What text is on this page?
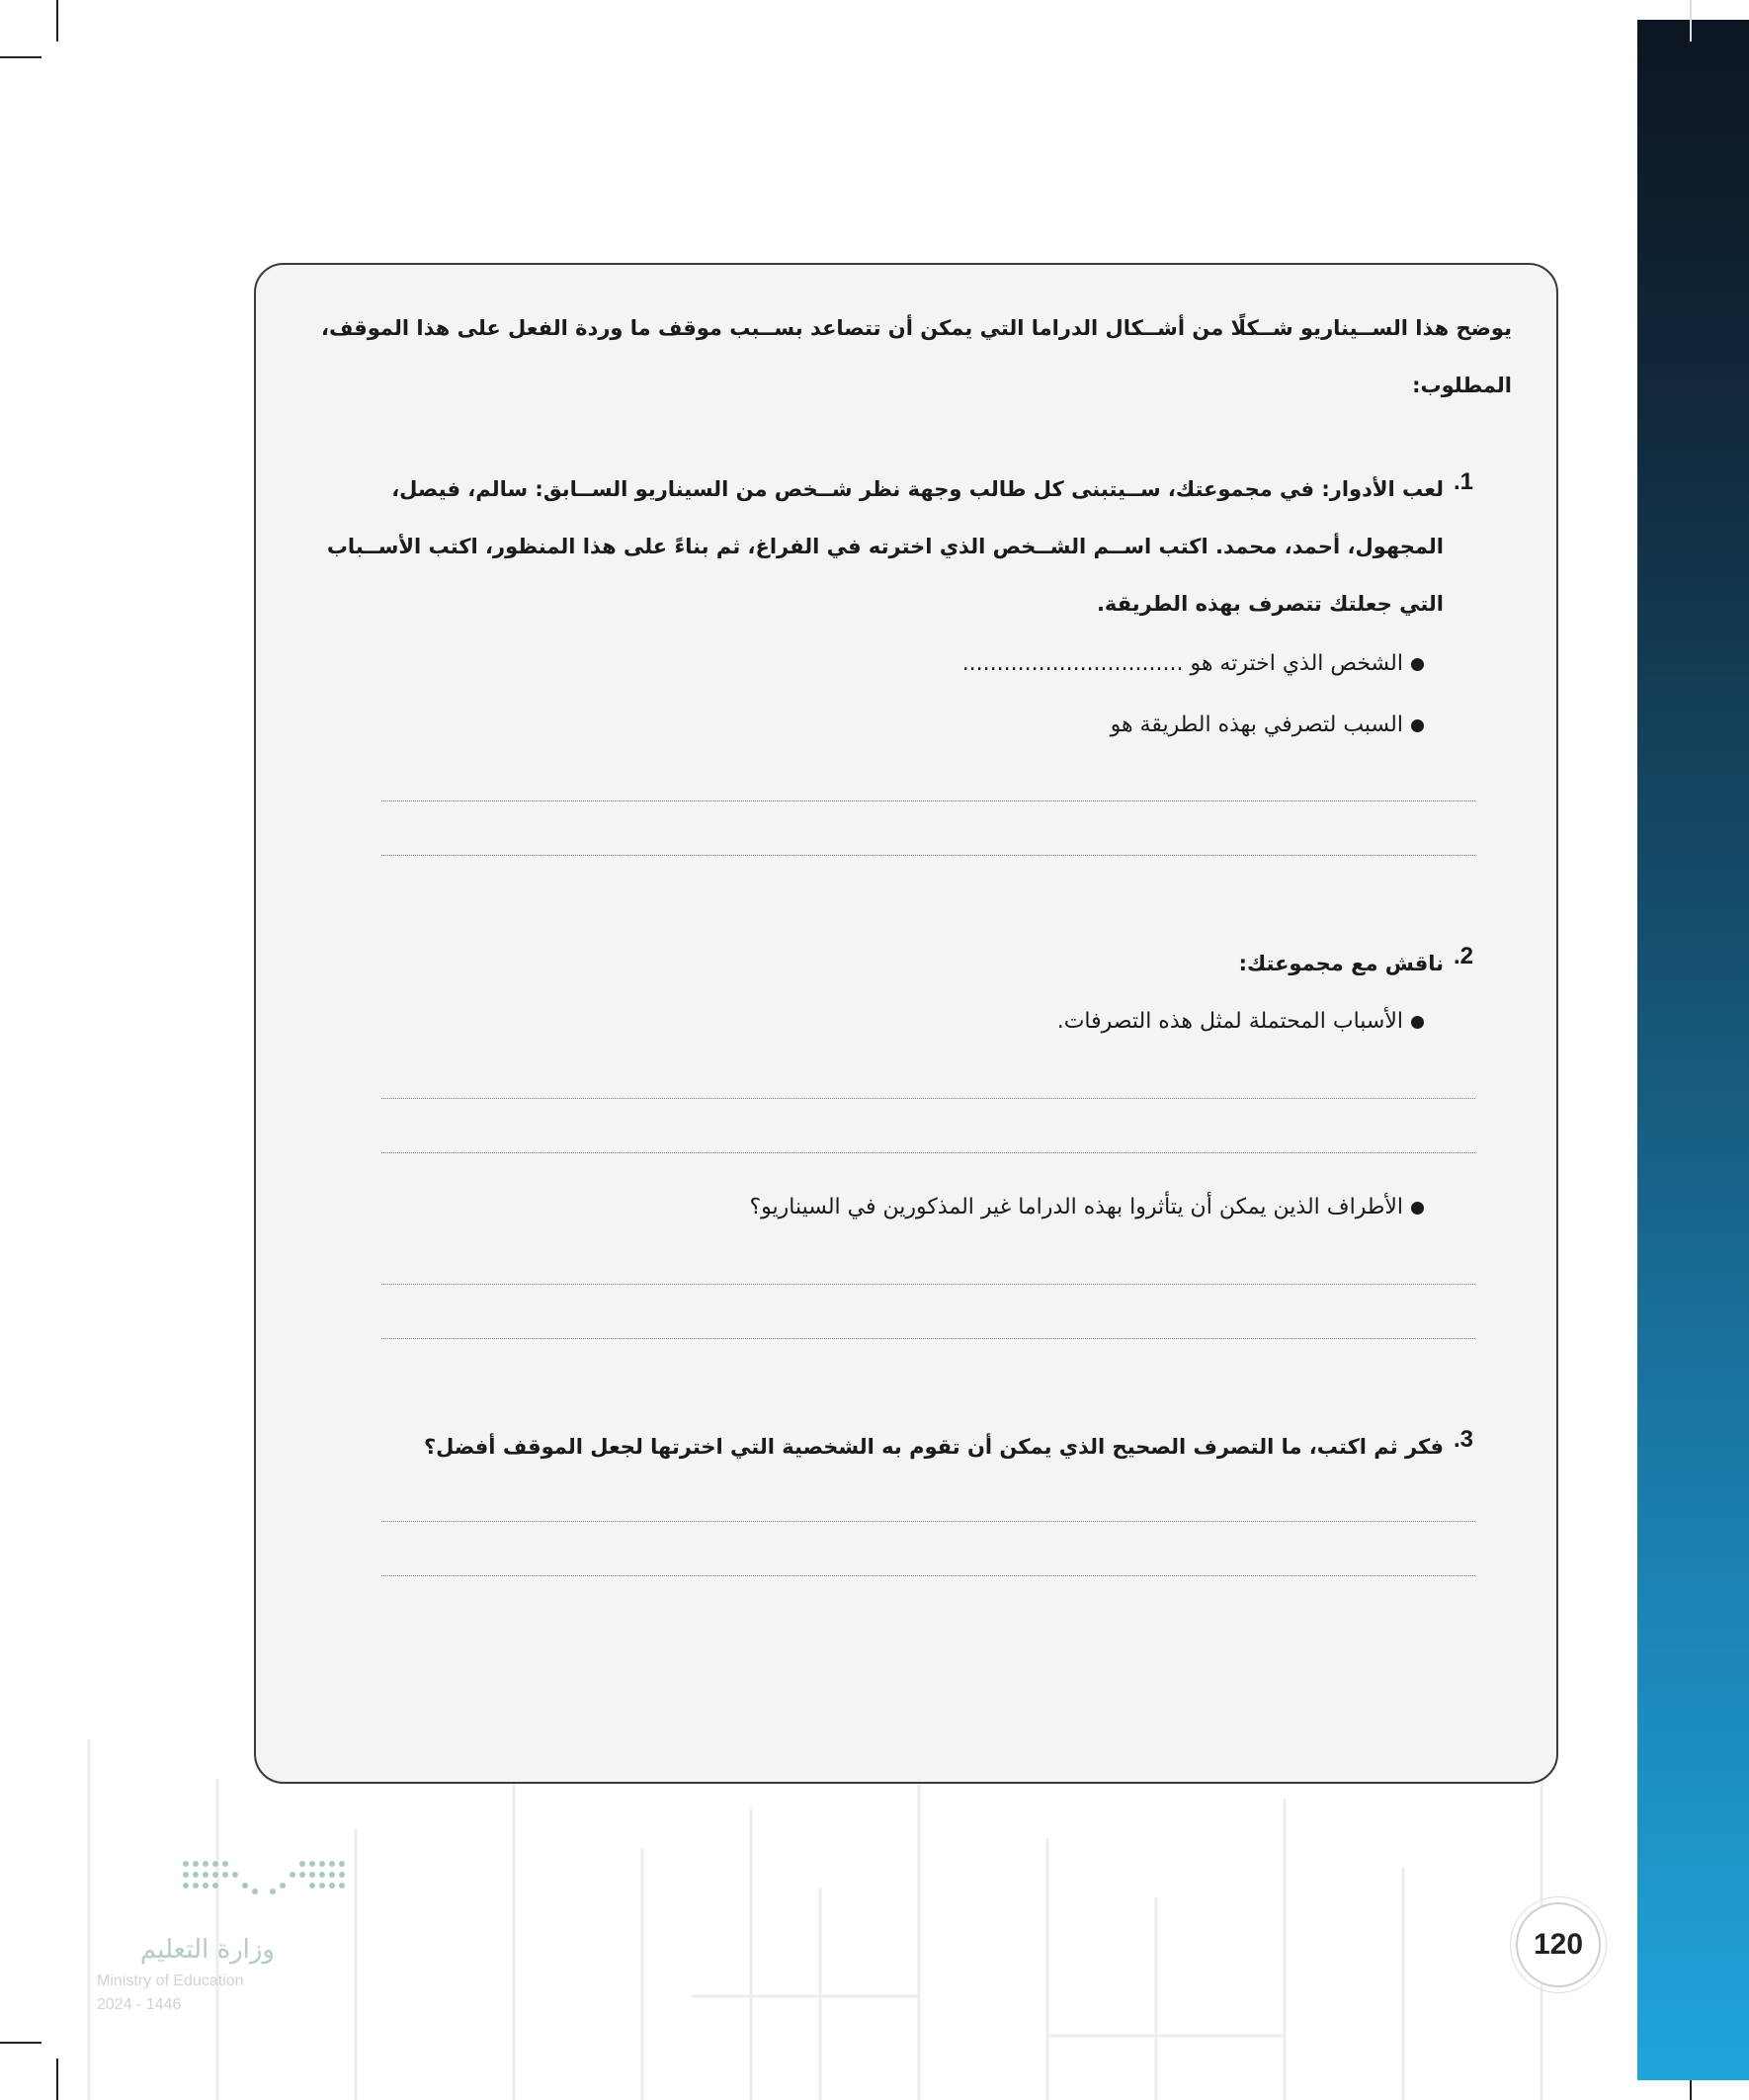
يوضح هذا الســيناريو شــكلًا من أشــكال الدراما التي يمكن أن تتصاعد بســبب موقف ما وردة الفعل على هذا الموقف،
المطلوب:
.1
لعب الأدوار: في مجموعتك، ســيتبنى كل طالب وجهة نظر شــخص من السيناريو الســابق: سالم، فيصل، المجهول، أحمد، محمد. اكتب اســم الشــخص الذي اخترته في الفراغ، ثم بناءً على هذا المنظور، اكتب الأســباب التي جعلتك تتصرف بهذه الطريقة.
الشخص الذي اخترته هو ................................
السبب لتصرفي بهذه الطريقة هو
.2
ناقش مع مجموعتك:
الأسباب المحتملة لمثل هذه التصرفات.
الأطراف الذين يمكن أن يتأثروا بهذه الدراما غير المذكورين في السيناريو؟
.3
فكر ثم اكتب، ما التصرف الصحيح الذي يمكن أن تقوم به الشخصية التي اخترتها لجعل الموقف أفضل؟
وزارة التعليم
Ministry of Education
2024 - 1446
120
